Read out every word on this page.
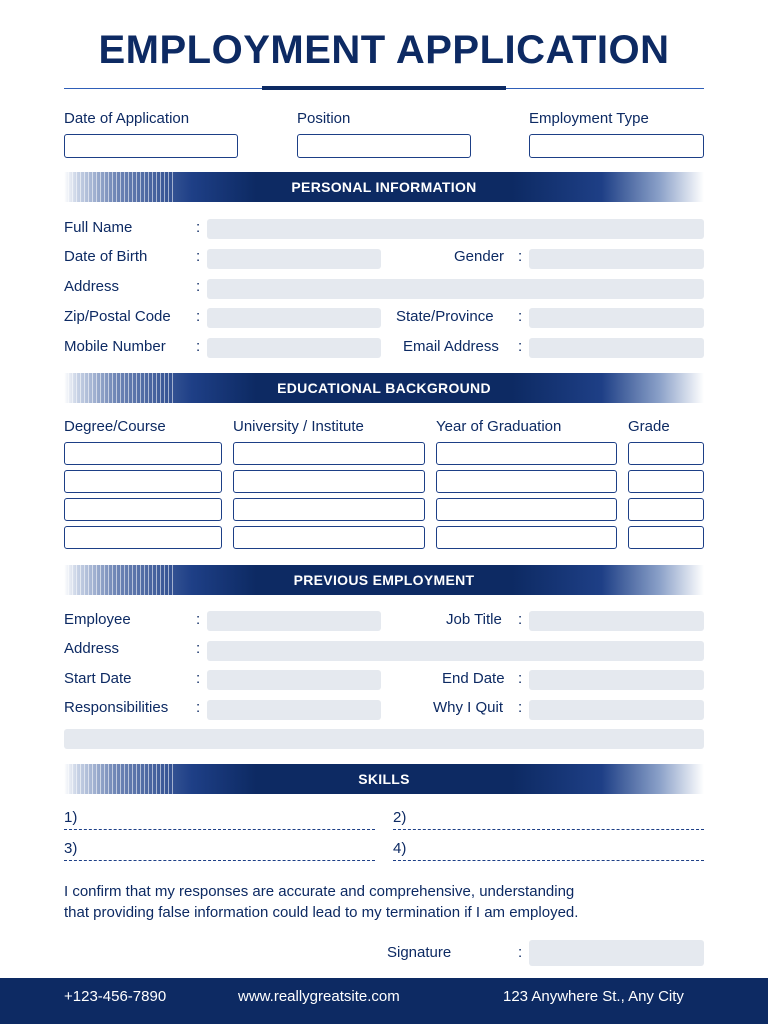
EMPLOYMENT APPLICATION
Date of Application	Position	Employment Type
PERSONAL INFORMATION
Full Name	:
Date of Birth	:	Gender :
Address	:
Zip/Postal Code :	State/Province :
Mobile Number :	Email Address :
EDUCATIONAL BACKGROUND
Degree/Course	University / Institute	Year of Graduation	Grade
PREVIOUS EMPLOYMENT
Employee	:	Job Title :
Address	:
Start Date	:	End Date :
Responsibilities :	Why I Quit :
SKILLS
1)	2)
3)	4)
I confirm that my responses are accurate and comprehensive, understanding
that providing false information could lead to my termination if I am employed.
Signature	:
+123-456-7890	www.reallygreatsite.com	123 Anywhere St., Any City
